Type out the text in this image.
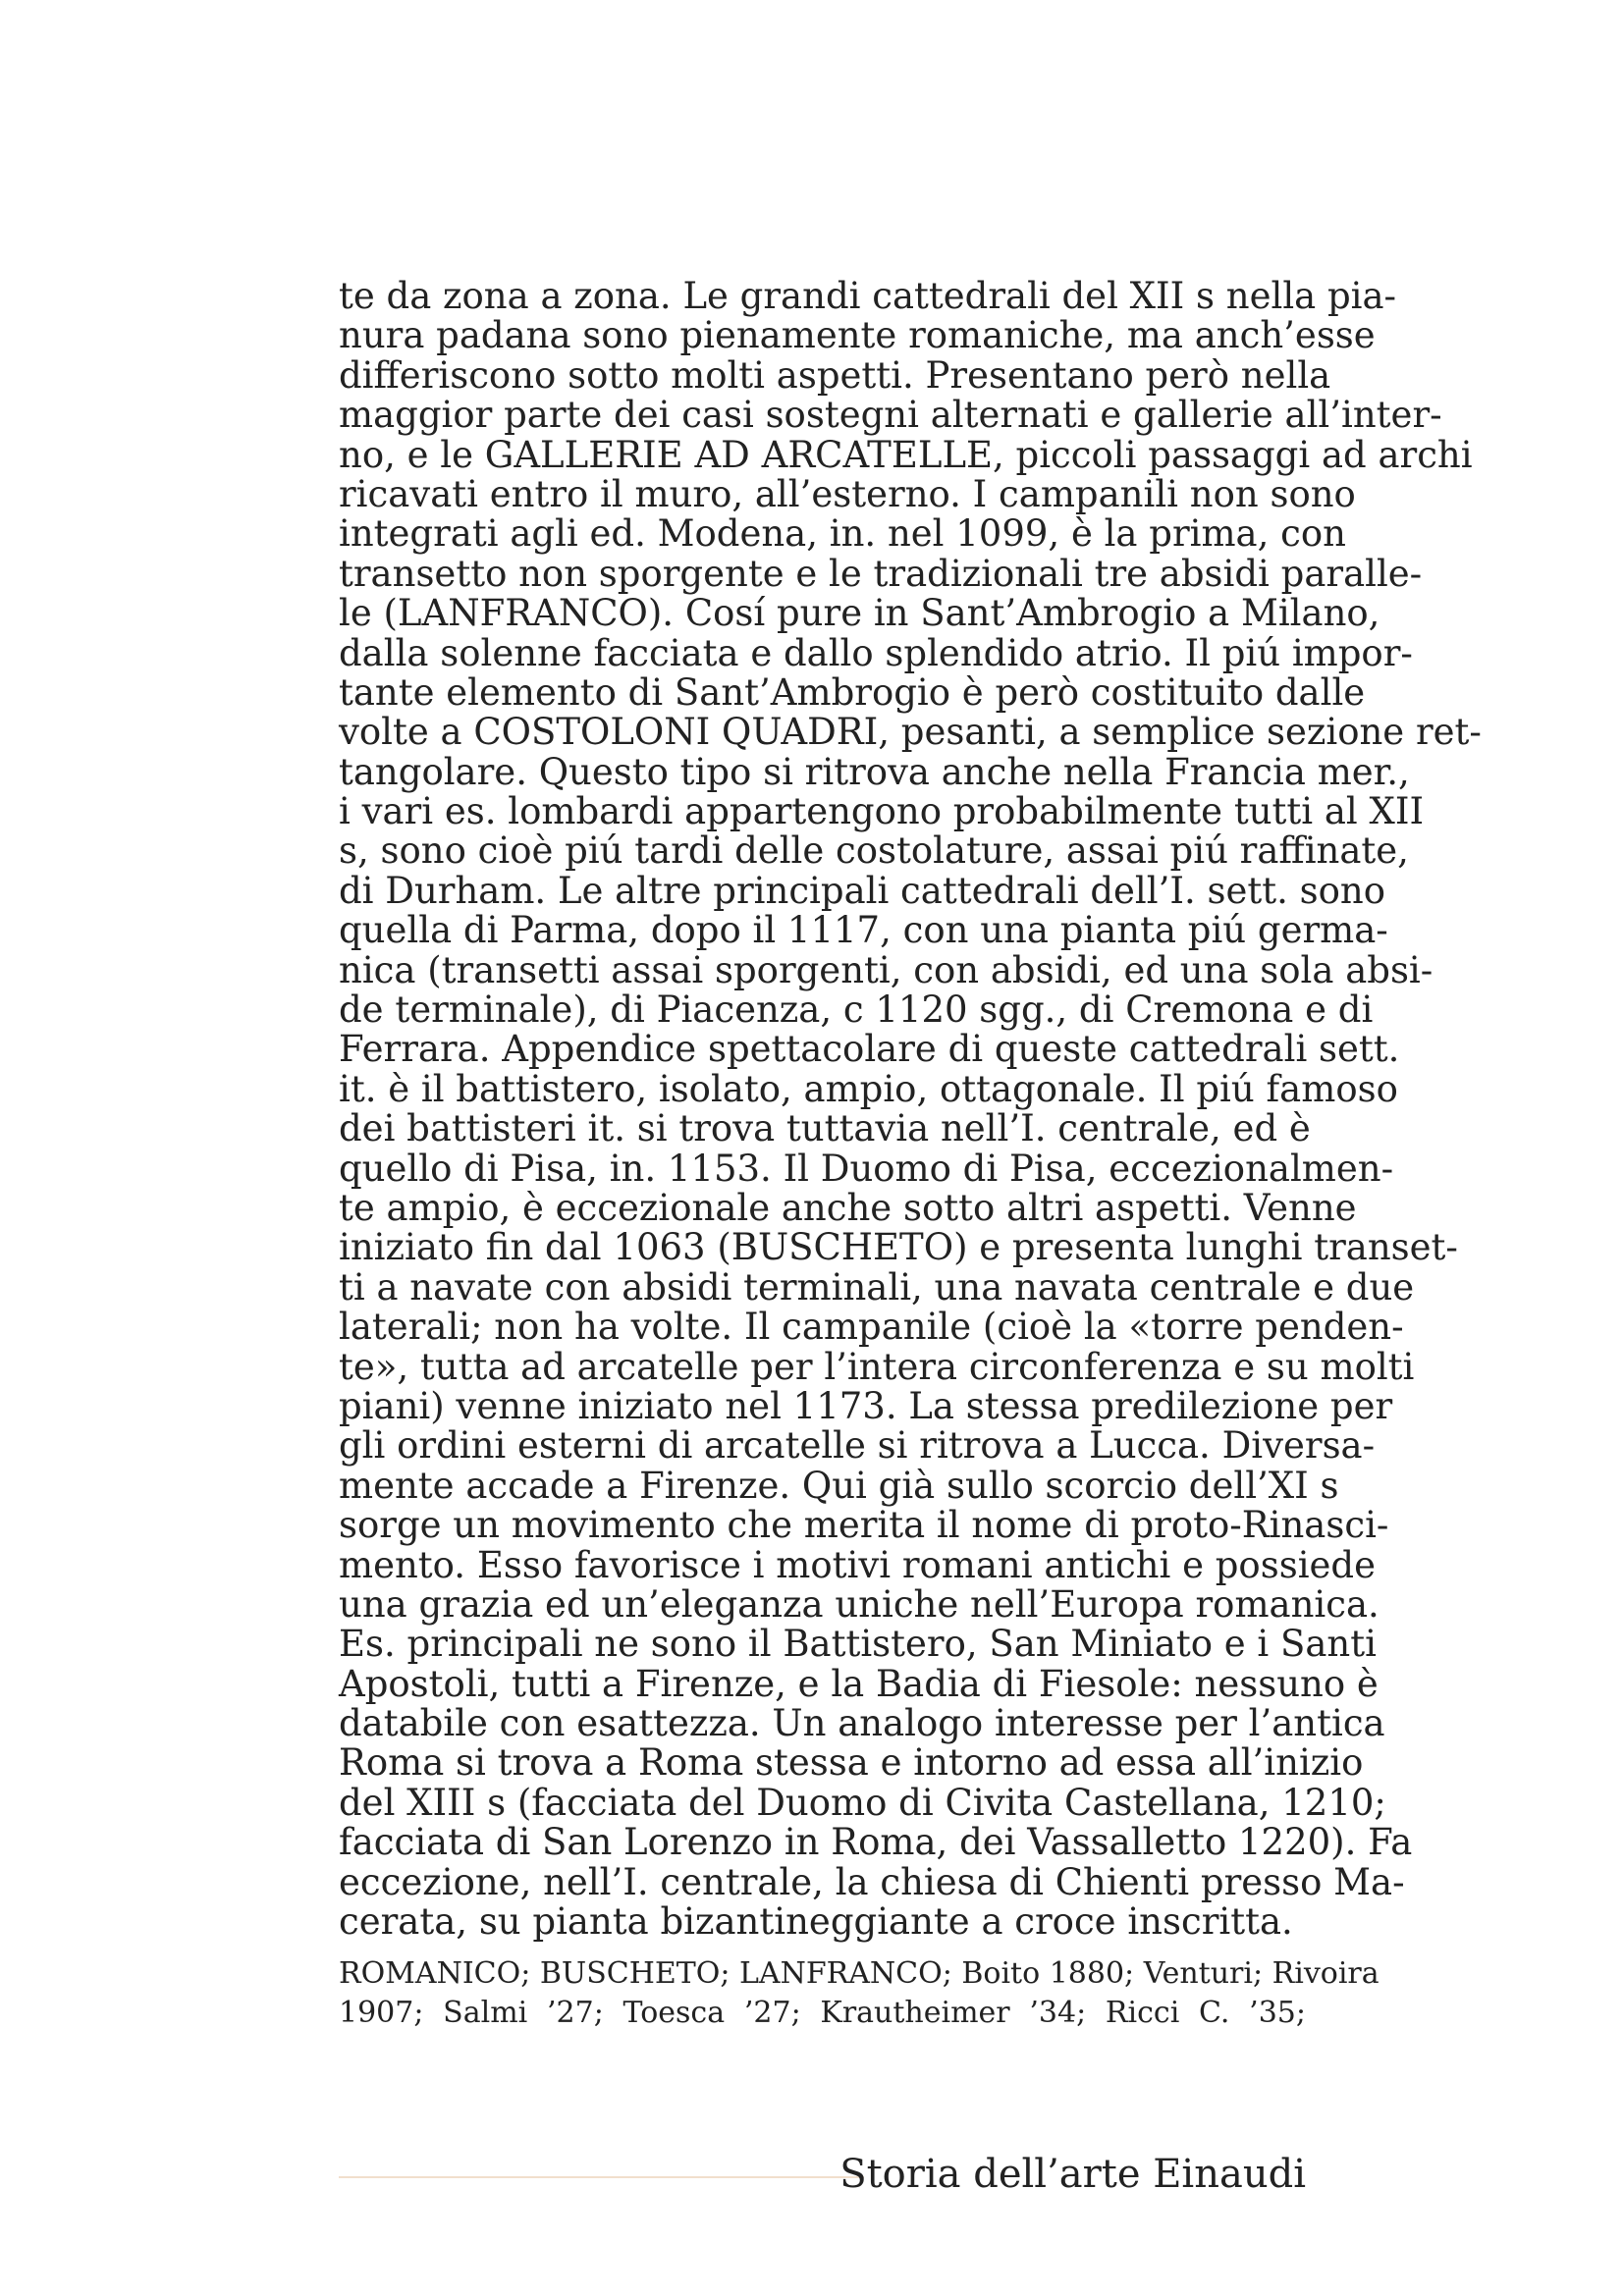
te da zona a zona. Le grandi cattedrali del XII s nella pia-
nura padana sono pienamente romaniche, ma anch’esse
differiscono sotto molti aspetti. Presentano però nella
maggior parte dei casi sostegni alternati e gallerie all’inter-
no, e le GALLERIE AD ARCATELLE, piccoli passaggi ad archi
ricavati entro il muro, all’esterno. I campanili non sono
integrati agli ed. Modena, in. nel 1099, è la prima, con
transetto non sporgente e le tradizionali tre absidi paralle-
le (LANFRANCO). Cosí pure in Sant’Ambrogio a Milano,
dalla solenne facciata e dallo splendido atrio. Il piú impor-
tante elemento di Sant’Ambrogio è però costituito dalle
volte a COSTOLONI QUADRI, pesanti, a semplice sezione ret-
tangolare. Questo tipo si ritrova anche nella Francia mer.,
i vari es. lombardi appartengono probabilmente tutti al XII
s, sono cioè piú tardi delle costolature, assai piú raffinate,
di Durham. Le altre principali cattedrali dell’I. sett. sono
quella di Parma, dopo il 1117, con una pianta piú germa-
nica (transetti assai sporgenti, con absidi, ed una sola absi-
de terminale), di Piacenza, c 1120 sgg., di Cremona e di
Ferrara. Appendice spettacolare di queste cattedrali sett.
it. è il battistero, isolato, ampio, ottagonale. Il piú famoso
dei battisteri it. si trova tuttavia nell’I. centrale, ed è
quello di Pisa, in. 1153. Il Duomo di Pisa, eccezionalmen-
te ampio, è eccezionale anche sotto altri aspetti. Venne
iniziato fin dal 1063 (BUSCHETO) e presenta lunghi transet-
ti a navate con absidi terminali, una navata centrale e due
laterali; non ha volte. Il campanile (cioè la «torre penden-
te», tutta ad arcatelle per l’intera circonferenza e su molti
piani) venne iniziato nel 1173. La stessa predilezione per
gli ordini esterni di arcatelle si ritrova a Lucca. Diversa-
mente accade a Firenze. Qui già sullo scorcio dell’XI s
sorge un movimento che merita il nome di proto-Rinasci-
mento. Esso favorisce i motivi romani antichi e possiede
una grazia ed un’eleganza uniche nell’Europa romanica.
Es. principali ne sono il Battistero, San Miniato e i Santi
Apostoli, tutti a Firenze, e la Badia di Fiesole: nessuno è
databile con esattezza. Un analogo interesse per l’antica
Roma si trova a Roma stessa e intorno ad essa all’inizio
del XIII s (facciata del Duomo di Civita Castellana, 1210;
facciata di San Lorenzo in Roma, dei Vassalletto 1220). Fa
eccezione, nell’I. centrale, la chiesa di Chienti presso Ma-
cerata, su pianta bizantineggiante a croce inscritta.
ROMANICO; BUSCHETO; LANFRANCO; Boito 1880; Venturi; Rivoira
1907; Salmi ’27; Toesca ’27; Krautheimer ’34; Ricci C. ’35;
Storia dell’arte Einaudi
